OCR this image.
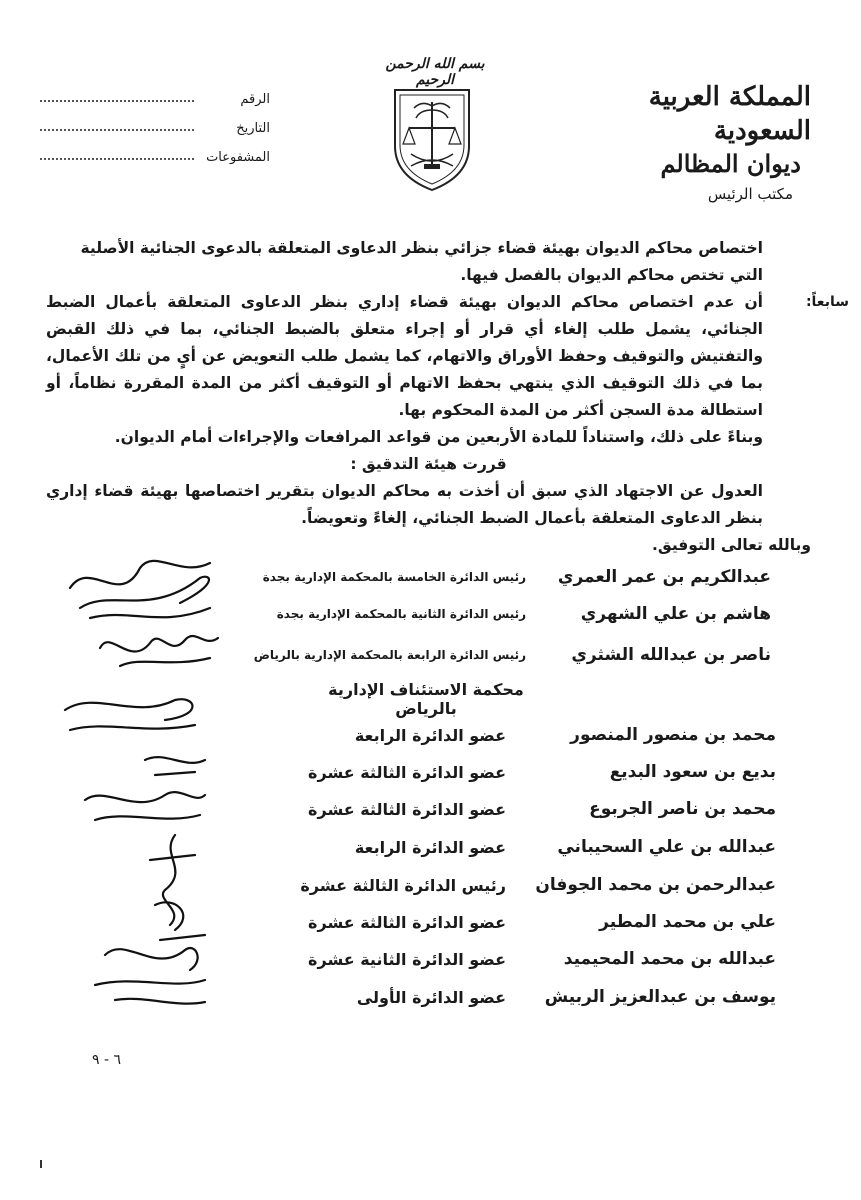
المملكة العربية السعودية
ديوان المظالم
مكتب الرئيس
بسم الله الرحمن الرحيم
الرقم
التاريخ
المشفوعات

اختصاص محاكم الديوان بهيئة قضاء جزائي بنظر الدعاوى المتعلقة بالدعوى الجنائية الأصلية

التي تختص محاكم الديوان بالفصل فيها.

سابعاً:
أن عدم اختصاص محاكم الديوان بهيئة قضاء إداري بنظر الدعاوى المتعلقة بأعمال الضبط الجنائي، يشمل طلب إلغاء أي قرار أو إجراء متعلق بالضبط الجنائي، بما في ذلك القبض والتفتيش والتوقيف وحفظ الأوراق والاتهام، كما يشمل طلب التعويض عن أيٍ من تلك الأعمال، بما في ذلك التوقيف الذي ينتهي بحفظ الاتهام أو التوقيف أكثر من المدة المقررة نظاماً، أو استطالة مدة السجن أكثر من المدة المحكوم بها.

وبناءً على ذلك، واستناداً للمادة الأربعين من قواعد المرافعات والإجراءات أمام الديوان.

قررت هيئة التدقيق :

العدول عن الاجتهاد الذي سبق أن أخذت به محاكم الديوان بتقرير اختصاصها بهيئة قضاء إداري بنظر الدعاوى المتعلقة بأعمال الضبط الجنائي، إلغاءً وتعويضاً.

وبالله تعالى التوفيق.

عبدالكريم بن عمر العمري
رئيس الدائرة الخامسة بالمحكمة الإدارية بجدة
هاشم بن علي الشهري
رئيس الدائرة الثانية بالمحكمة الإدارية بجدة
ناصر بن عبدالله الشثري
رئيس الدائرة الرابعة بالمحكمة الإدارية بالرياض
محكمة الاستئناف الإدارية بالرياض
محمد بن منصور المنصور
عضو الدائرة الرابعة
بديع بن سعود البديع
عضو الدائرة الثالثة عشرة
محمد بن ناصر الجربوع
عضو الدائرة الثالثة عشرة
عبدالله بن علي السحيباني
عضو الدائرة الرابعة
عبدالرحمن بن محمد الجوفان
رئيس الدائرة الثالثة عشرة
علي بن محمد المطير
عضو الدائرة الثالثة عشرة
عبدالله بن محمد المحيميد
عضو الدائرة الثانية عشرة
يوسف بن عبدالعزيز الربيش
عضو الدائرة الأولى
٦ - ٩
